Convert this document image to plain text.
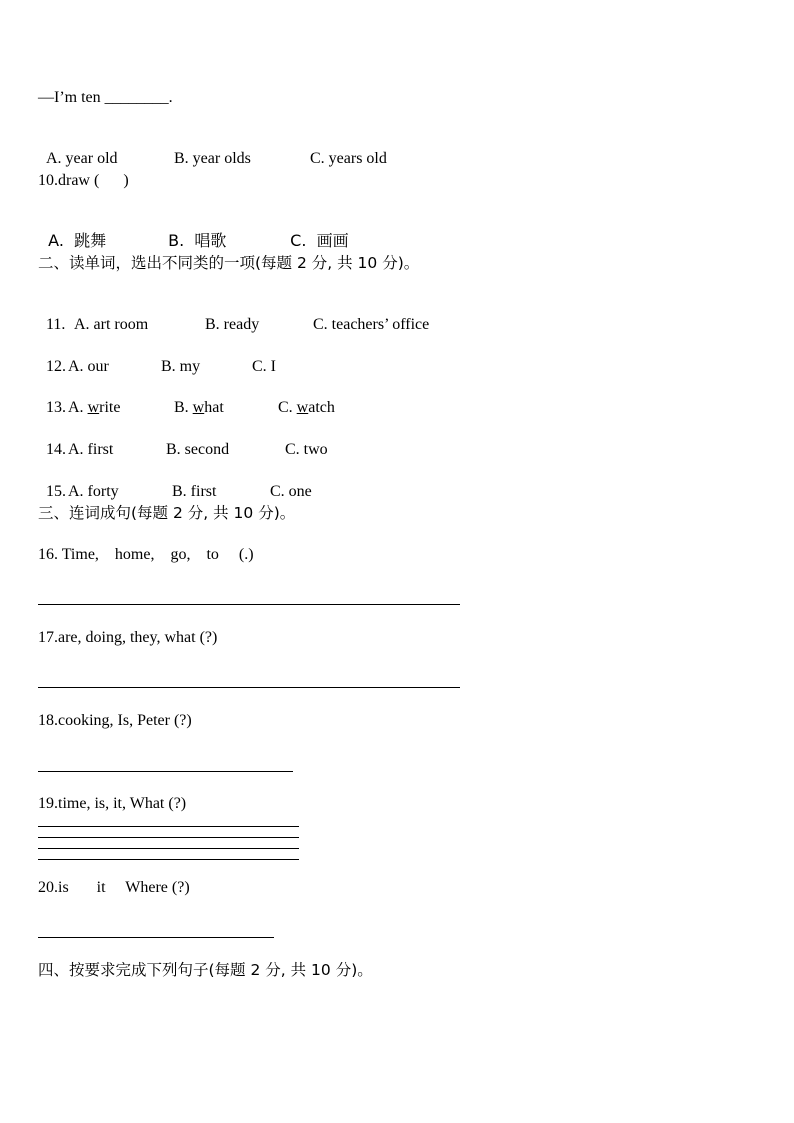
—I’m ten ________.

A. year old	B. year olds	C. years old

10.draw (      )

A.  跳舞	B.  唱歌	C.  画画

二、读单词，选出不同类的一项(每题 2 分, 共 10 分)。

11. A. art room	B. ready	C. teachers’ office

12. A. our	B. my	C. I

13. A. write	B. what	C. watch

14. A. first	B. second	C. two

15. A. forty	B. first	C. one

三、连词成句(每题 2 分, 共 10 分)。
16. Time,    home,    go,    to     (.)
17.are, doing, they, what (?)
18.cooking, Is, Peter (?)
19.time, is, it, What (?)
20.is       it     Where (?)
四、按要求完成下列句子(每题 2 分, 共 10 分)。
